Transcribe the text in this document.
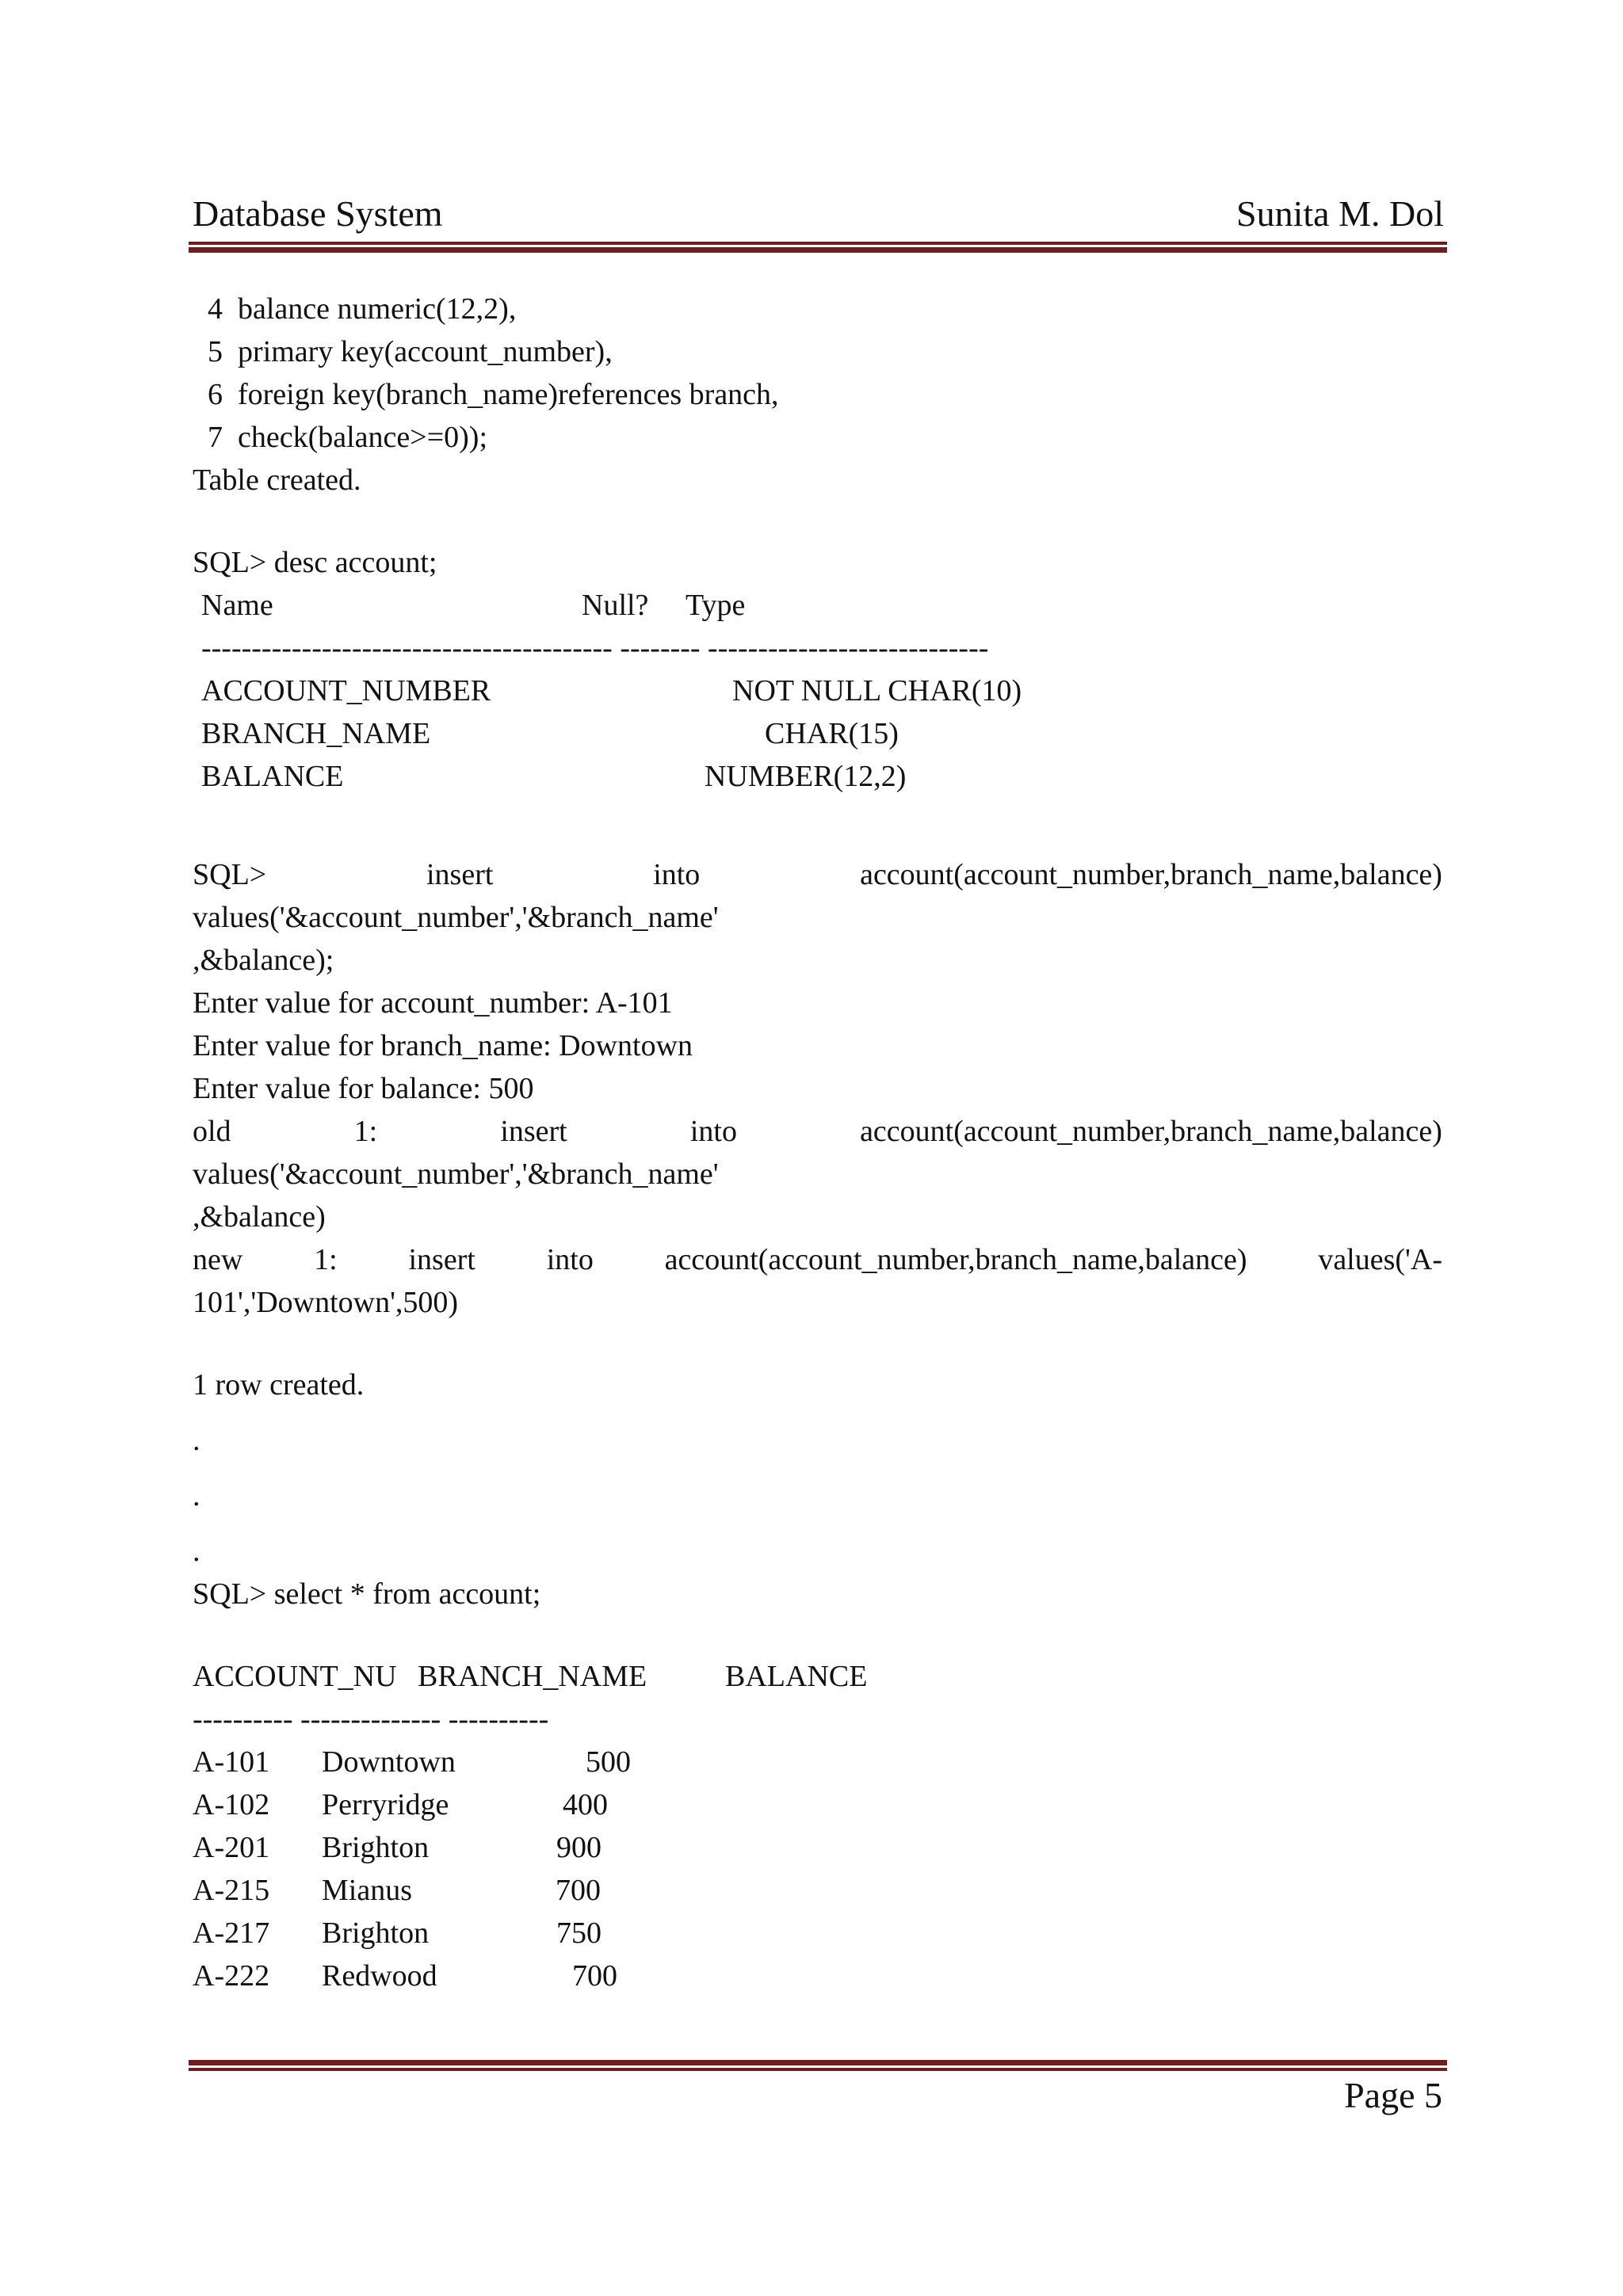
Database System	Sunita M. Dol
4  balance numeric(12,2),
5  primary key(account_number),
6  foreign key(branch_name)references branch,
7  check(balance>=0));
Table created.
SQL> desc account;
Name	Null? Type
----------------------------------------- -------- ----------------------------
ACCOUNT_NUMBER	NOT NULL CHAR(10)
BRANCH_NAME	CHAR(15)
BALANCE	NUMBER(12,2)
SQL>	insert	into	account(account_number,branch_name,balance)
values('&account_number','&branch_name'
,&balance);
Enter value for account_number: A-101
Enter value for branch_name: Downtown
Enter value for balance: 500
old	1:	insert	into	account(account_number,branch_name,balance)
values('&account_number','&branch_name'
,&balance)
new 1: insert into account(account_number,branch_name,balance) values('A-
101','Downtown',500)
1 row created.
.
.
.
SQL> select * from account;
ACCOUNT_NU BRANCH_NAME	BALANCE
---------- -------------- ----------
A-101 Downtown	500
A-102 Perryridge	400
A-201 Brighton	900
A-215 Mianus	700
A-217 Brighton	750
A-222 Redwood	700
Page 5
